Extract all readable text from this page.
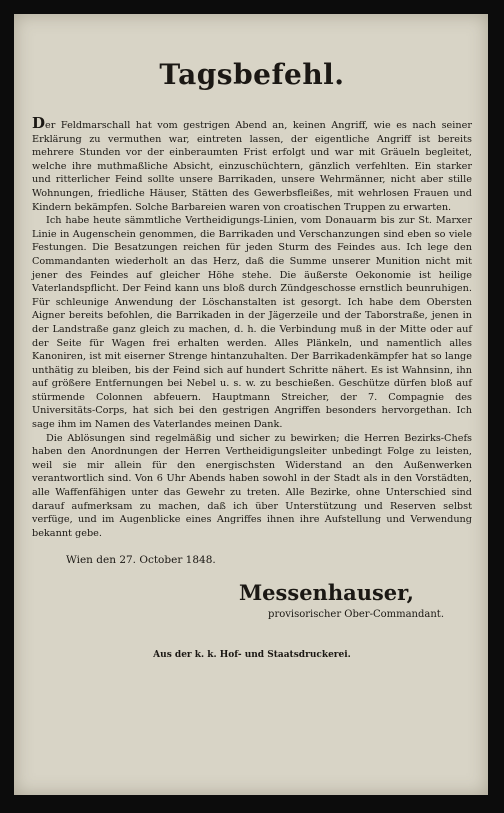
Tagsbefehl.

Der Feldmarschall hat vom gestrigen Abend an, keinen Angriff, wie es nach seiner Erklärung zu vermuthen war, eintreten lassen, der eigentliche Angriff ist bereits mehrere Stunden vor der einberaumten Frist erfolgt und war mit Gräueln begleitet, welche ihre muthmaßliche Absicht, einzuschüchtern, gänzlich verfehlten. Ein starker und ritterlicher Feind sollte unsere Barrikaden, unsere Wehrmänner, nicht aber stille Wohnungen, friedliche Häuser, Stätten des Gewerbsfleißes, mit wehrlosen Frauen und Kindern bekämpfen. Solche Barbareien waren von croatischen Truppen zu erwarten.

Ich habe heute sämmtliche Vertheidigungs-Linien, vom Donauarm bis zur St. Marxer Linie in Augenschein genommen, die Barrikaden und Verschanzungen sind eben so viele Festungen. Die Besatzungen reichen für jeden Sturm des Feindes aus. Ich lege den Commandanten wiederholt an das Herz, daß die Summe unserer Munition nicht mit jener des Feindes auf gleicher Höhe stehe. Die äußerste Oekonomie ist heilige Vaterlandspflicht. Der Feind kann uns bloß durch Zündgeschosse ernstlich beunruhigen. Für schleunige Anwendung der Löschanstalten ist gesorgt. Ich habe dem Obersten Aigner bereits befohlen, die Barrikaden in der Jägerzeile und der Taborstraße, jenen in der Landstraße ganz gleich zu machen, d. h. die Verbindung muß in der Mitte oder auf der Seite für Wagen frei erhalten werden. Alles Plänkeln, und namentlich alles Kanoniren, ist mit eiserner Strenge hintanzuhalten. Der Barrikadenkämpfer hat so lange unthätig zu bleiben, bis der Feind sich auf hundert Schritte nähert. Es ist Wahnsinn, ihn auf größere Entfernungen bei Nebel u. s. w. zu beschießen. Geschütze dürfen bloß auf stürmende Colonnen abfeuern. Hauptmann Streicher, der 7. Compagnie des Universitäts-Corps, hat sich bei den gestrigen Angriffen besonders hervorgethan. Ich sage ihm im Namen des Vaterlandes meinen Dank.

Die Ablösungen sind regelmäßig und sicher zu bewirken; die Herren Bezirks-Chefs haben den Anordnungen der Herren Vertheidigungsleiter unbedingt Folge zu leisten, weil sie mir allein für den energischsten Widerstand an den Außenwerken verantwortlich sind. Von 6 Uhr Abends haben sowohl in der Stadt als in den Vorstädten, alle Waffenfähigen unter das Gewehr zu treten. Alle Bezirke, ohne Unterschied sind darauf aufmerksam zu machen, daß ich über Unterstützung und Reserven selbst verfüge, und im Augenblicke eines Angriffes ihnen ihre Aufstellung und Verwendung bekannt gebe.

Wien den 27. October 1848.
Messenhauser,
provisorischer Ober-Commandant.
Aus der k. k. Hof- und Staatsdruckerei.
